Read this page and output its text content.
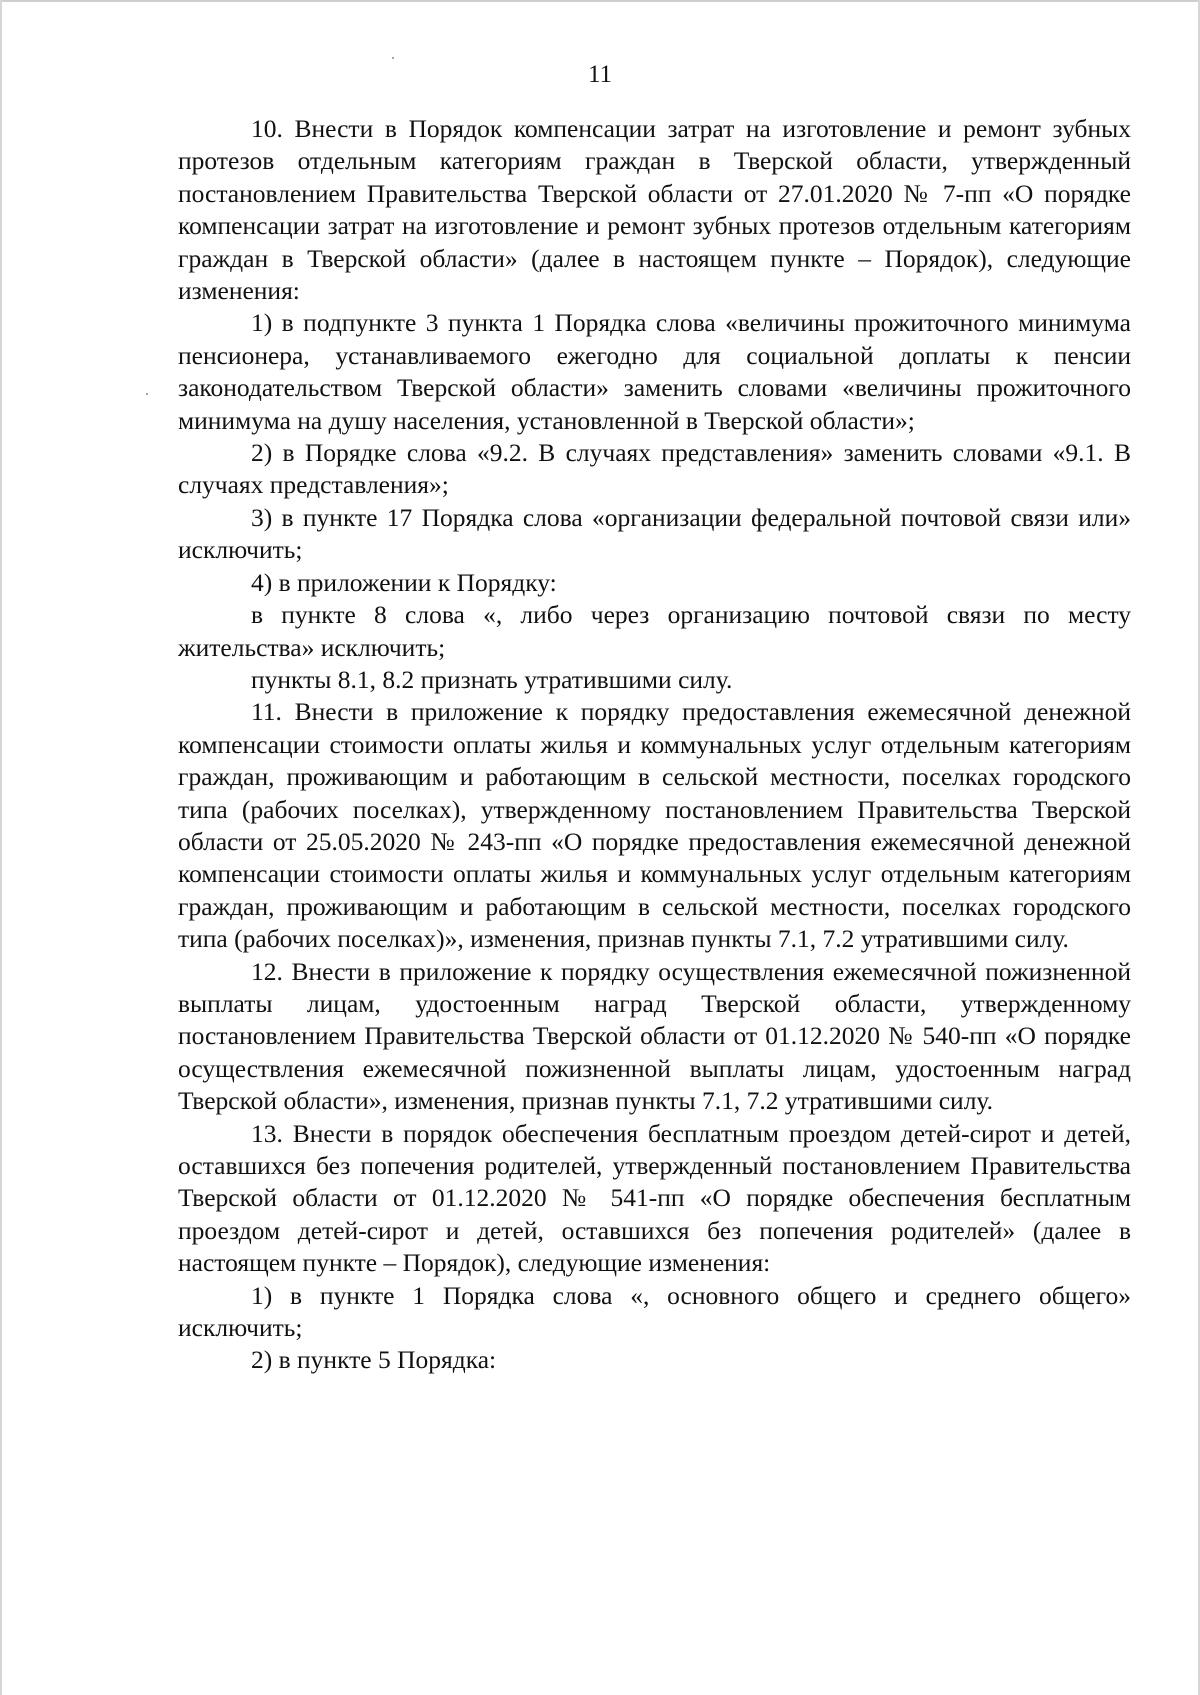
11

10. Внести в Порядок компенсации затрат на изготовление и ремонт зубных протезов отдельным категориям граждан в Тверской области, утвержденный постановлением Правительства Тверской области от 27.01.2020 № 7-пп «О порядке компенсации затрат на изготовление и ремонт зубных протезов отдельным категориям граждан в Тверской области» (далее в настоящем пункте – Порядок), следующие изменения:

1) в подпункте 3 пункта 1 Порядка слова «величины прожиточного минимума пенсионера, устанавливаемого ежегодно для социальной доплаты к пенсии законодательством Тверской области» заменить словами «величины прожиточного минимума на душу населения, установленной в Тверской области»;

2) в Порядке слова «9.2. В случаях представления» заменить словами «9.1. В случаях представления»;

3) в пункте 17 Порядка слова «организации федеральной почтовой связи или» исключить;

4) в приложении к Порядку:

в пункте 8 слова «, либо через организацию почтовой связи по месту жительства» исключить;

пункты 8.1, 8.2 признать утратившими силу.

11. Внести в приложение к порядку предоставления ежемесячной денежной компенсации стоимости оплаты жилья и коммунальных услуг отдельным категориям граждан, проживающим и работающим в сельской местности, поселках городского типа (рабочих поселках), утвержденному постановлением Правительства Тверской области от 25.05.2020 № 243-пп «О порядке предоставления ежемесячной денежной компенсации стоимости оплаты жилья и коммунальных услуг отдельным категориям граждан, проживающим и работающим в сельской местности, поселках городского типа (рабочих поселках)», изменения, признав пункты 7.1, 7.2 утратившими силу.

12. Внести в приложение к порядку осуществления ежемесячной пожизненной выплаты лицам, удостоенным наград Тверской области, утвержденному постановлением Правительства Тверской области от 01.12.2020 № 540-пп «О порядке осуществления ежемесячной пожизненной выплаты лицам, удостоенным наград Тверской области», изменения, признав пункты 7.1, 7.2 утратившими силу.

13. Внести в порядок обеспечения бесплатным проездом детей-сирот и детей, оставшихся без попечения родителей, утвержденный постановлением Правительства Тверской области от 01.12.2020 № 541-пп «О порядке обеспечения бесплатным проездом детей-сирот и детей, оставшихся без попечения родителей» (далее в настоящем пункте – Порядок), следующие изменения:

1) в пункте 1 Порядка слова «, основного общего и среднего общего» исключить;

2) в пункте 5 Порядка:
